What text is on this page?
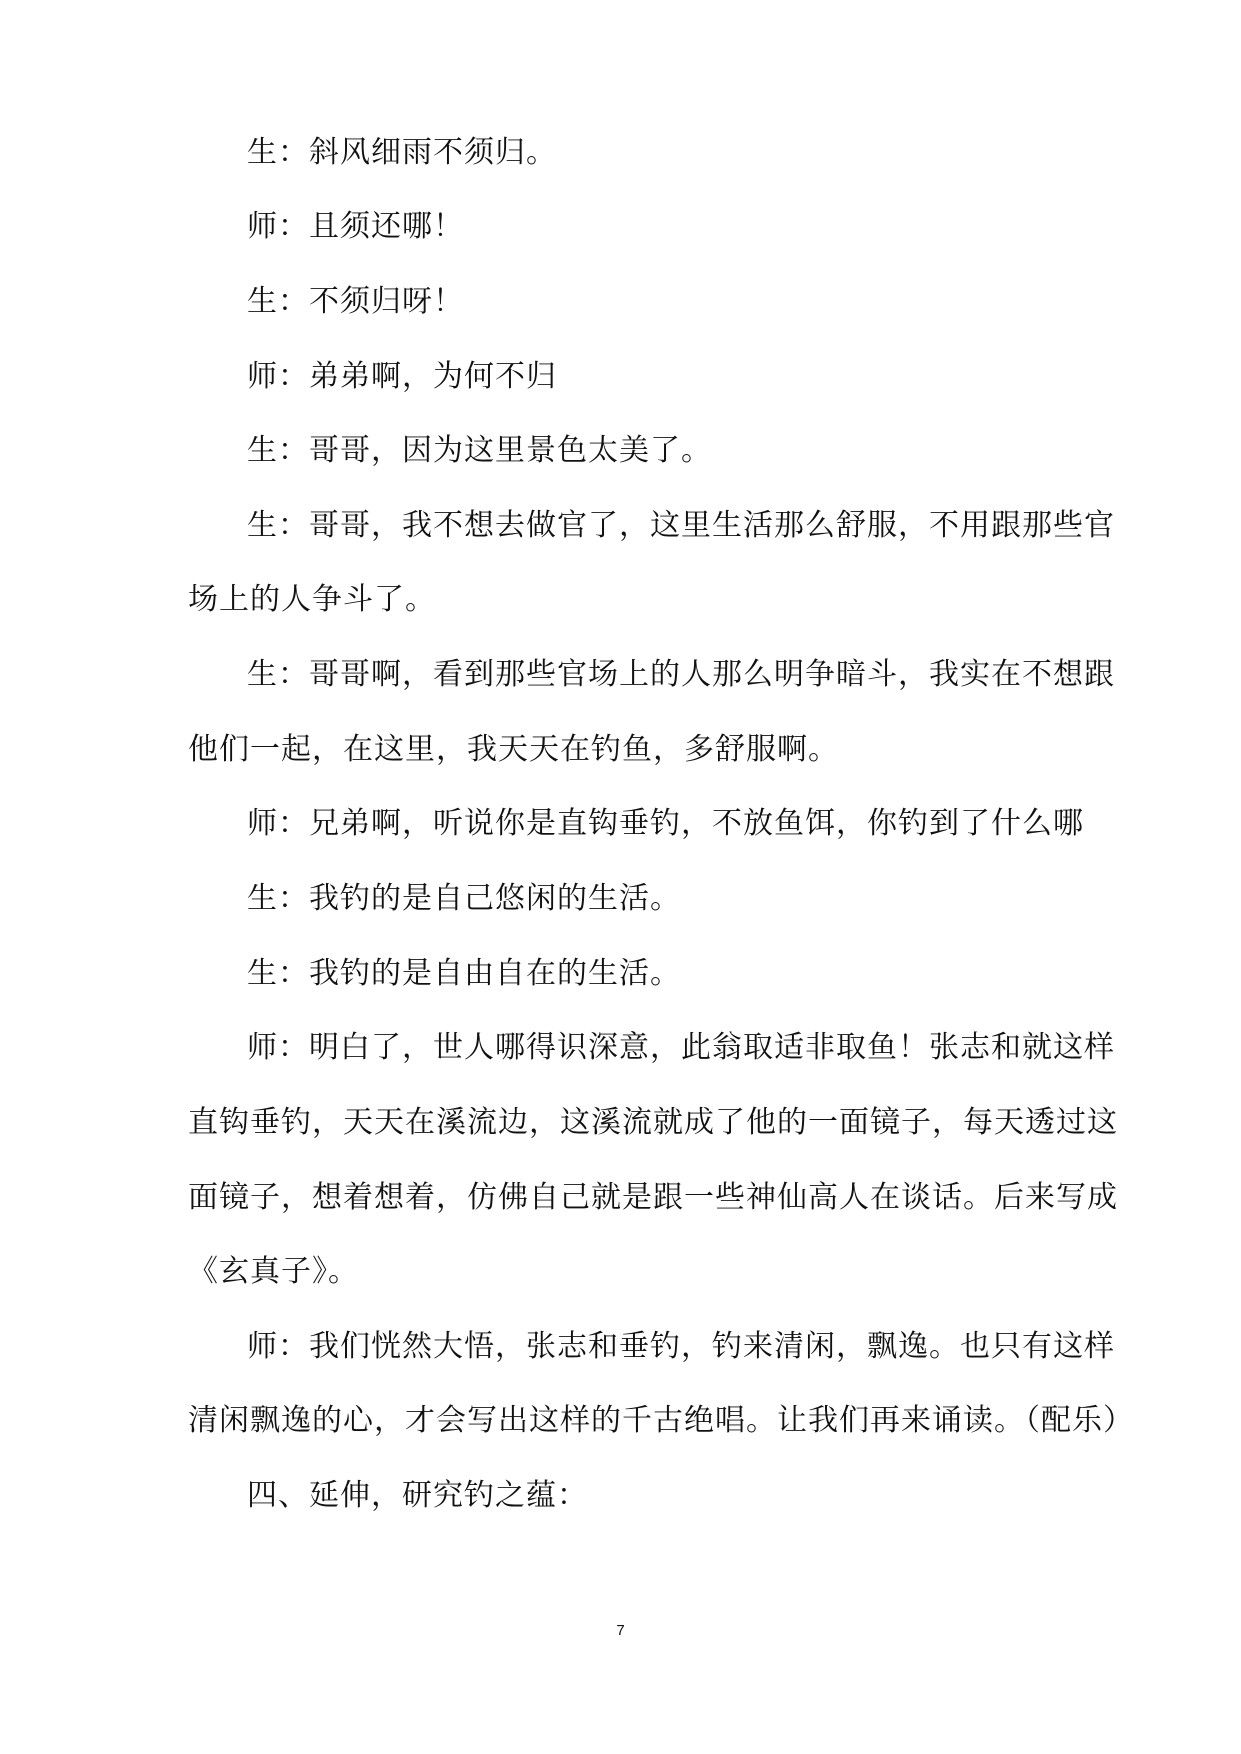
生：斜风细雨不须归。
师：且须还哪！
生：不须归呀！
师：弟弟啊，为何不归
生：哥哥，因为这里景色太美了。
生：哥哥，我不想去做官了，这里生活那么舒服，不用跟那些官
场上的人争斗了。
生：哥哥啊，看到那些官场上的人那么明争暗斗，我实在不想跟
他们一起，在这里，我天天在钓鱼，多舒服啊。
师：兄弟啊，听说你是直钩垂钓，不放鱼饵，你钓到了什么哪
生：我钓的是自己悠闲的生活。
生：我钓的是自由自在的生活。
师：明白了，世人哪得识深意，此翁取适非取鱼！张志和就这样
直钩垂钓，天天在溪流边，这溪流就成了他的一面镜子，每天透过这
面镜子，想着想着，仿佛自己就是跟一些神仙高人在谈话。后来写成
《玄真子》。
师：我们恍然大悟，张志和垂钓，钓来清闲，飘逸。也只有这样
清闲飘逸的心，才会写出这样的千古绝唱。让我们再来诵读。（配乐）
四、延伸，研究钓之蕴：
7
